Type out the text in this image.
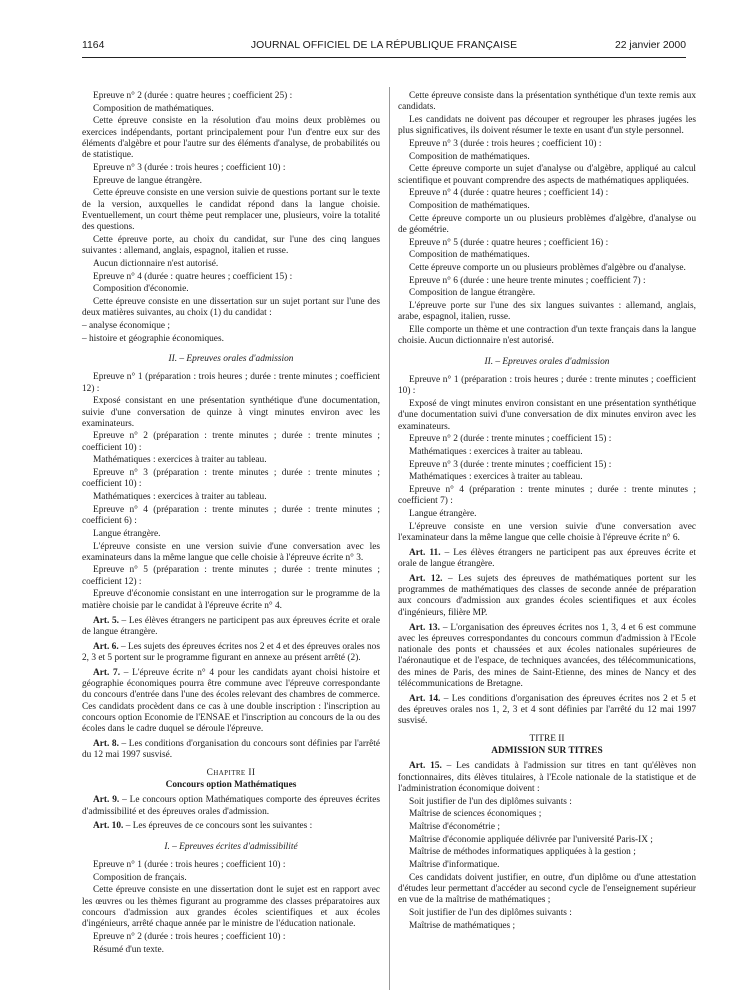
1164	JOURNAL OFFICIEL DE LA RÉPUBLIQUE FRANÇAISE	22 janvier 2000

Epreuve n° 2 (durée : quatre heures ; coefficient 25) :

Composition de mathématiques.

Cette épreuve consiste en la résolution d'au moins deux problèmes ou exercices indépendants, portant principalement pour l'un d'entre eux sur des éléments d'algèbre et pour l'autre sur des éléments d'analyse, de probabilités ou de statistique.

Epreuve n° 3 (durée : trois heures ; coefficient 10) :

Epreuve de langue étrangère.

Cette épreuve consiste en une version suivie de questions portant sur le texte de la version, auxquelles le candidat répond dans la langue choisie. Eventuellement, un court thème peut remplacer une, plusieurs, voire la totalité des questions.

Cette épreuve porte, au choix du candidat, sur l'une des cinq langues suivantes : allemand, anglais, espagnol, italien et russe.

Aucun dictionnaire n'est autorisé.

Epreuve n° 4 (durée : quatre heures ; coefficient 15) :

Composition d'économie.

Cette épreuve consiste en une dissertation sur un sujet portant sur l'une des deux matières suivantes, au choix (1) du candidat :

– analyse économique ;

– histoire et géographie économiques.

II. – Epreuves orales d'admission

Epreuve n° 1 (préparation : trois heures ; durée : trente minutes ; coefficient 12) :

Exposé consistant en une présentation synthétique d'une documentation, suivie d'une conversation de quinze à vingt minutes environ avec les examinateurs.

Epreuve n° 2 (préparation : trente minutes ; durée : trente minutes ; coefficient 10) :

Mathématiques : exercices à traiter au tableau.

Epreuve n° 3 (préparation : trente minutes ; durée : trente minutes ; coefficient 10) :

Mathématiques : exercices à traiter au tableau.

Epreuve n° 4 (préparation : trente minutes ; durée : trente minutes ; coefficient 6) :

Langue étrangère.

L'épreuve consiste en une version suivie d'une conversation avec les examinateurs dans la même langue que celle choisie à l'épreuve écrite n° 3.

Epreuve n° 5 (préparation : trente minutes ; durée : trente minutes ; coefficient 12) :

Epreuve d'économie consistant en une interrogation sur le programme de la matière choisie par le candidat à l'épreuve écrite n° 4.

Art. 5. – Les élèves étrangers ne participent pas aux épreuves écrite et orale de langue étrangère.

Art. 6. – Les sujets des épreuves écrites nos 2 et 4 et des épreuves orales nos 2, 3 et 5 portent sur le programme figurant en annexe au présent arrêté (2).

Art. 7. – L'épreuve écrite n° 4 pour les candidats ayant choisi histoire et géographie économiques pourra être commune avec l'épreuve correspondante du concours d'entrée dans l'une des écoles relevant des chambres de commerce. Ces candidats procèdent dans ce cas à une double inscription : l'inscription au concours option Economie de l'ENSAE et l'inscription au concours de la ou des écoles dans le cadre duquel se déroule l'épreuve.

Art. 8. – Les conditions d'organisation du concours sont définies par l'arrêté du 12 mai 1997 susvisé.

Chapitre II

Concours option Mathématiques

Art. 9. – Le concours option Mathématiques comporte des épreuves écrites d'admissibilité et des épreuves orales d'admission.

Art. 10. – Les épreuves de ce concours sont les suivantes :

I. – Epreuves écrites d'admissibilité

Epreuve n° 1 (durée : trois heures ; coefficient 10) :

Composition de français.

Cette épreuve consiste en une dissertation dont le sujet est en rapport avec les œuvres ou les thèmes figurant au programme des classes préparatoires aux concours d'admission aux grandes écoles scientifiques et aux écoles d'ingénieurs, arrêté chaque année par le ministre de l'éducation nationale.

Epreuve n° 2 (durée : trois heures ; coefficient 10) :

Résumé d'un texte.

Cette épreuve consiste dans la présentation synthétique d'un texte remis aux candidats.

Les candidats ne doivent pas découper et regrouper les phrases jugées les plus significatives, ils doivent résumer le texte en usant d'un style personnel.

Epreuve n° 3 (durée : trois heures ; coefficient 10) :

Composition de mathématiques.

Cette épreuve comporte un sujet d'analyse ou d'algèbre, appliqué au calcul scientifique et pouvant comprendre des aspects de mathématiques appliquées.

Epreuve n° 4 (durée : quatre heures ; coefficient 14) :

Composition de mathématiques.

Cette épreuve comporte un ou plusieurs problèmes d'algèbre, d'analyse ou de géométrie.

Epreuve n° 5 (durée : quatre heures ; coefficient 16) :

Composition de mathématiques.

Cette épreuve comporte un ou plusieurs problèmes d'algèbre ou d'analyse.

Epreuve n° 6 (durée : une heure trente minutes ; coefficient 7) :

Composition de langue étrangère.

L'épreuve porte sur l'une des six langues suivantes : allemand, anglais, arabe, espagnol, italien, russe.

Elle comporte un thème et une contraction d'un texte français dans la langue choisie. Aucun dictionnaire n'est autorisé.

II. – Epreuves orales d'admission

Epreuve n° 1 (préparation : trois heures ; durée : trente minutes ; coefficient 10) :

Exposé de vingt minutes environ consistant en une présentation synthétique d'une documentation suivi d'une conversation de dix minutes environ avec les examinateurs.

Epreuve n° 2 (durée : trente minutes ; coefficient 15) :

Mathématiques : exercices à traiter au tableau.

Epreuve n° 3 (durée : trente minutes ; coefficient 15) :

Mathématiques : exercices à traiter au tableau.

Epreuve n° 4 (préparation : trente minutes ; durée : trente minutes ; coefficient 7) :

Langue étrangère.

L'épreuve consiste en une version suivie d'une conversation avec l'examinateur dans la même langue que celle choisie à l'épreuve écrite n° 6.

Art. 11. – Les élèves étrangers ne participent pas aux épreuves écrite et orale de langue étrangère.

Art. 12. – Les sujets des épreuves de mathématiques portent sur les programmes de mathématiques des classes de seconde année de préparation aux concours d'admission aux grandes écoles scientifiques et aux écoles d'ingénieurs, filière MP.

Art. 13. – L'organisation des épreuves écrites nos 1, 3, 4 et 6 est commune avec les épreuves correspondantes du concours commun d'admission à l'Ecole nationale des ponts et chaussées et aux écoles nationales supérieures de l'aéronautique et de l'espace, de techniques avancées, des télécommunications, des mines de Paris, des mines de Saint-Etienne, des mines de Nancy et des télécommunications de Bretagne.

Art. 14. – Les conditions d'organisation des épreuves écrites nos 2 et 5 et des épreuves orales nos 1, 2, 3 et 4 sont définies par l'arrêté du 12 mai 1997 susvisé.

TITRE II

ADMISSION SUR TITRES

Art. 15. – Les candidats à l'admission sur titres en tant qu'élèves non fonctionnaires, dits élèves titulaires, à l'Ecole nationale de la statistique et de l'administration économique doivent :

Soit justifier de l'un des diplômes suivants :

Maîtrise de sciences économiques ;

Maîtrise d'économétrie ;

Maîtrise d'économie appliquée délivrée par l'université Paris-IX ;

Maîtrise de méthodes informatiques appliquées à la gestion ;

Maîtrise d'informatique.

Ces candidats doivent justifier, en outre, d'un diplôme ou d'une attestation d'études leur permettant d'accéder au second cycle de l'enseignement supérieur en vue de la maîtrise de mathématiques ;

Soit justifier de l'un des diplômes suivants :

Maîtrise de mathématiques ;
